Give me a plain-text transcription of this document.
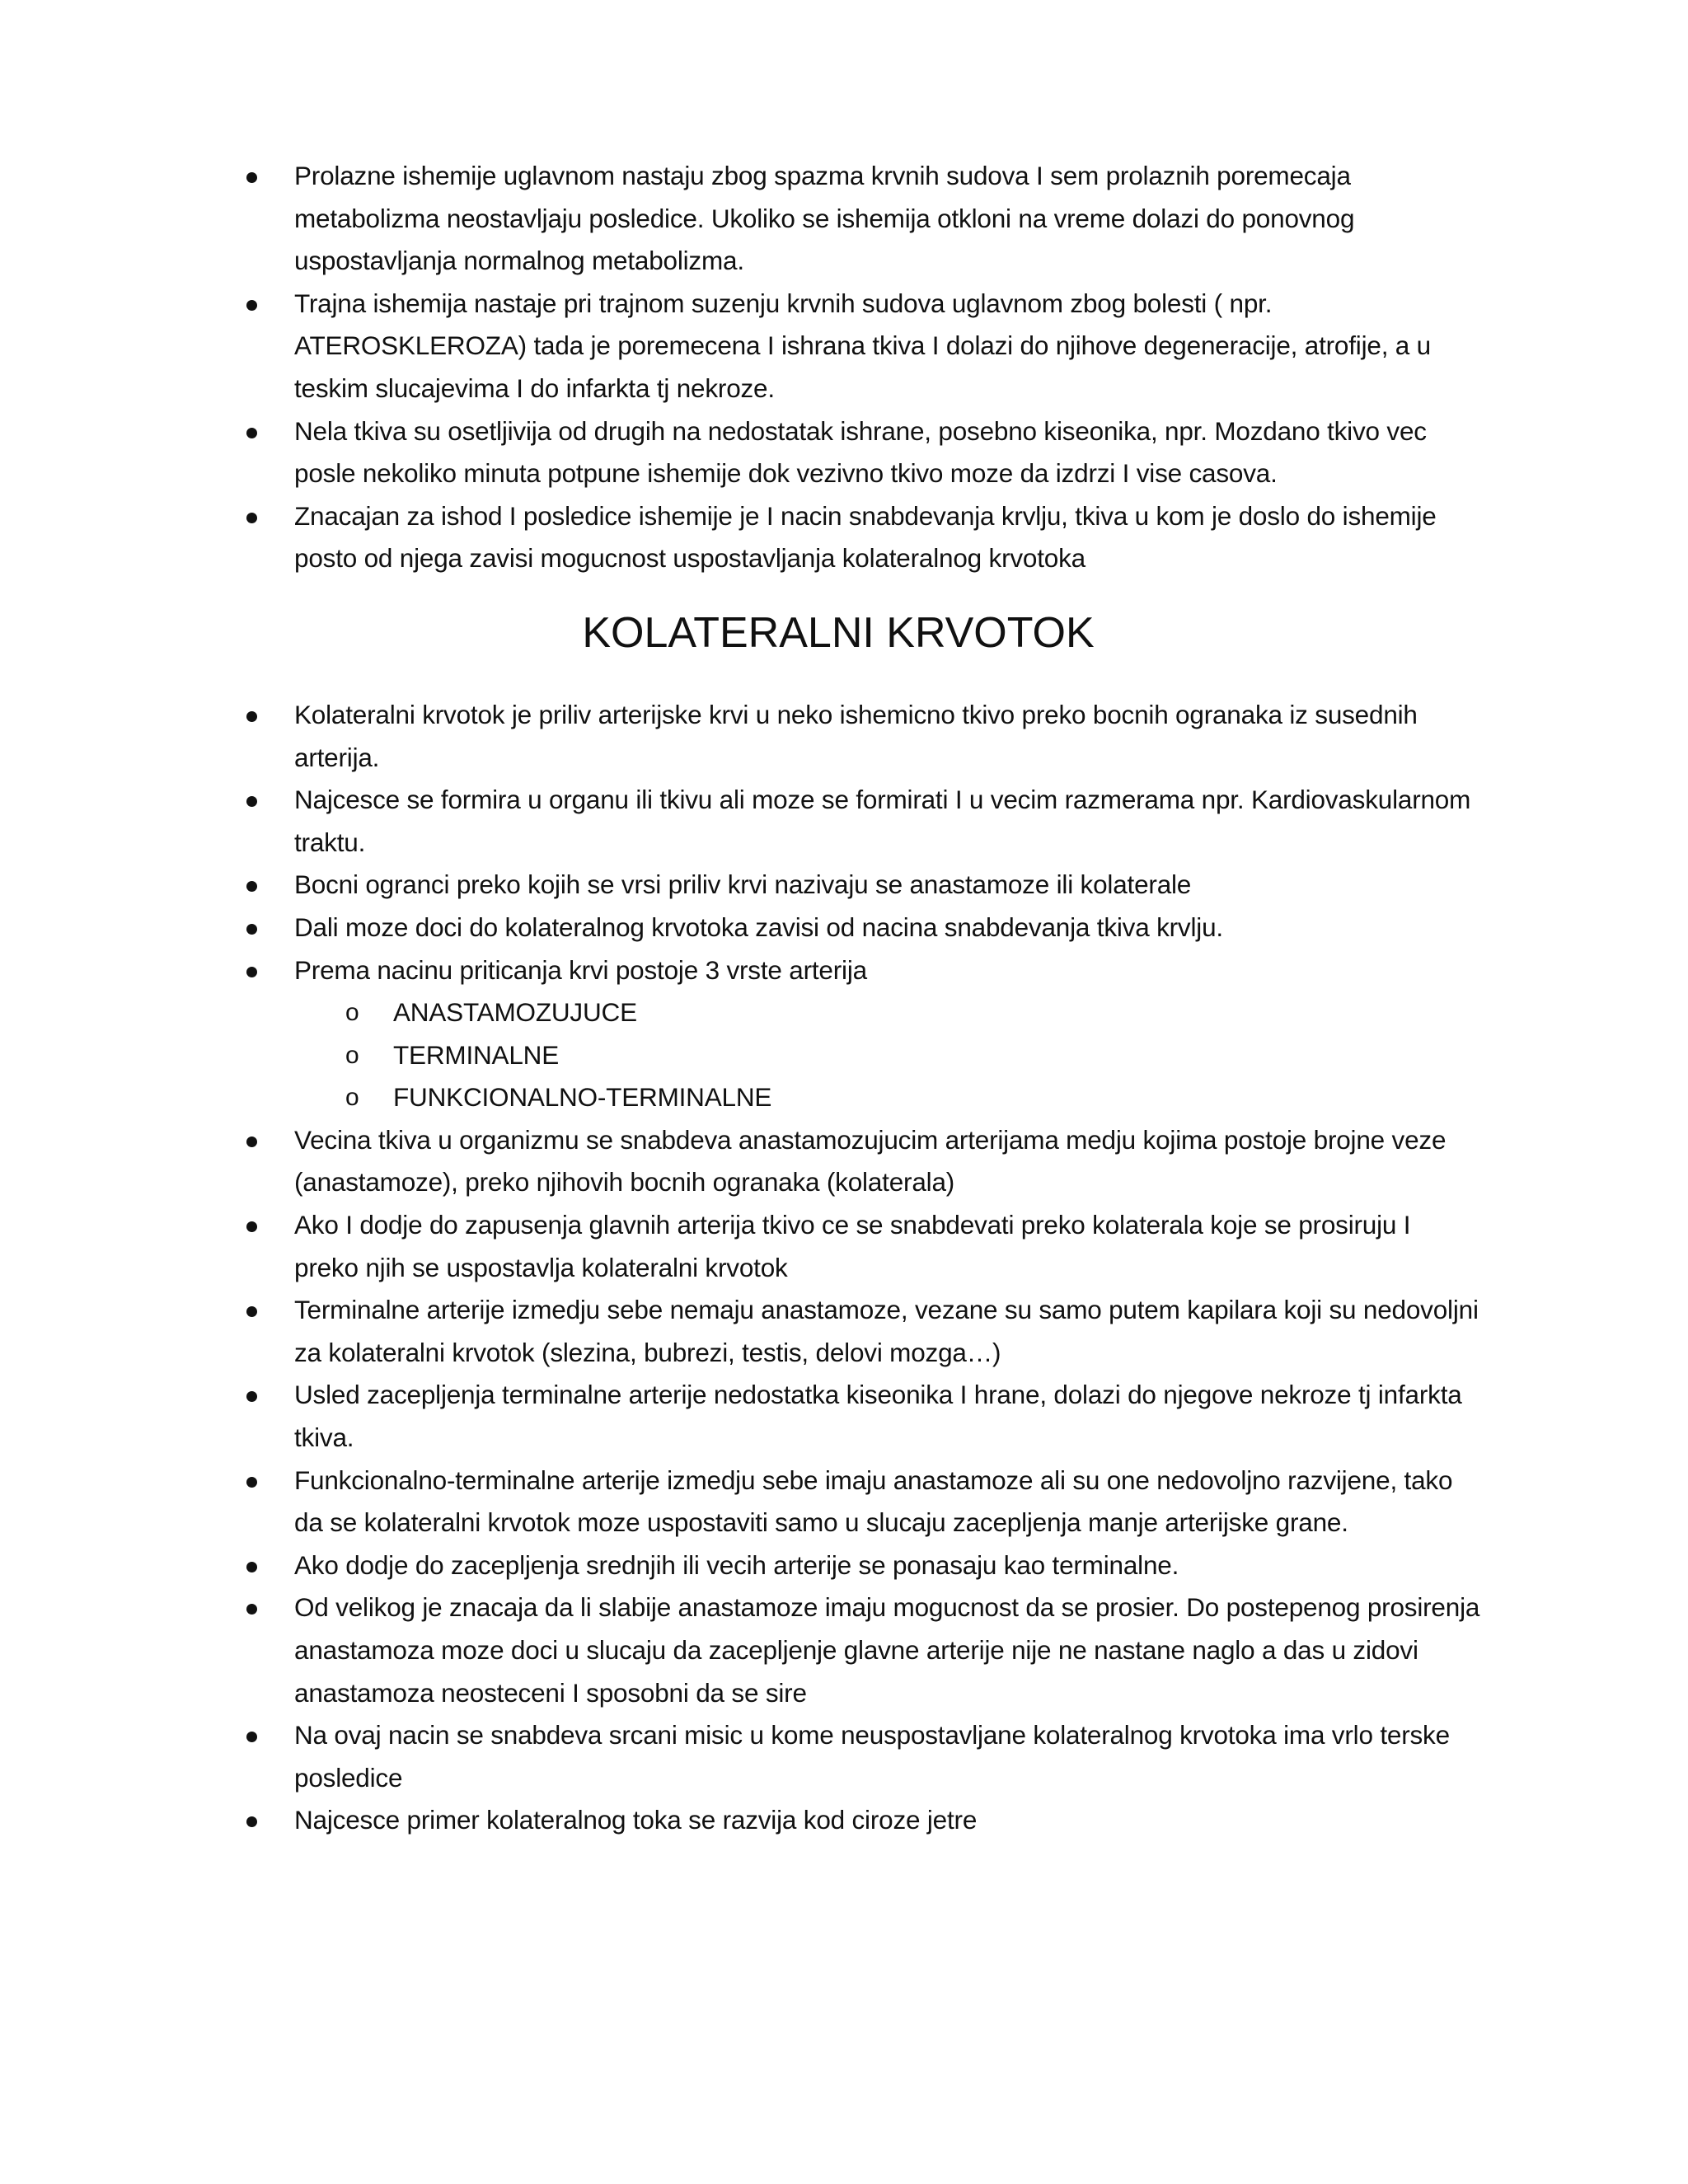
Prolazne ishemije uglavnom nastaju zbog spazma krvnih sudova I sem prolaznih poremecaja metabolizma neostavljaju posledice. Ukoliko se ishemija otkloni na vreme dolazi do ponovnog uspostavljanja normalnog metabolizma.
Trajna ishemija nastaje pri trajnom suzenju krvnih sudova uglavnom zbog bolesti ( npr. ATEROSKLEROZA) tada je poremecena I ishrana tkiva I dolazi do njihove degeneracije, atrofije, a u teskim slucajevima I do infarkta tj nekroze.
Nela tkiva su osetljivija od drugih na nedostatak ishrane, posebno kiseonika, npr. Mozdano tkivo vec posle nekoliko minuta potpune ishemije dok vezivno tkivo moze da izdrzi I vise casova.
Znacajan za ishod I posledice ishemije je I nacin snabdevanja krvlju, tkiva u kom je doslo do ishemije posto od njega zavisi mogucnost uspostavljanja kolateralnog krvotoka
KOLATERALNI KRVOTOK
Kolateralni krvotok je priliv arterijske krvi u neko ishemicno tkivo preko bocnih ogranaka iz susednih arterija.
Najcesce se formira u organu ili tkivu ali moze se formirati I u vecim razmerama npr. Kardiovaskularnom traktu.
Bocni ogranci preko kojih se vrsi priliv krvi nazivaju se anastamoze ili kolaterale
Dali moze doci do kolateralnog krvotoka zavisi od nacina snabdevanja tkiva krvlju.
Prema nacinu priticanja krvi postoje 3 vrste arterija
o ANASTAMOZUJUCE
o TERMINALNE
o FUNKCIONALNO-TERMINALNE
Vecina tkiva u organizmu se snabdeva anastamozujucim arterijama medju kojima postoje brojne veze (anastamoze), preko njihovih bocnih ogranaka (kolaterala)
Ako I dodje do zapusenja glavnih arterija tkivo ce se snabdevati preko kolaterala koje se prosiruju I preko njih se uspostavlja kolateralni krvotok
Terminalne arterije izmedju sebe nemaju anastamoze, vezane su samo putem kapilara koji su nedovoljni za kolateralni krvotok (slezina, bubrezi, testis, delovi mozga…)
Usled zacepljenja terminalne arterije nedostatka kiseonika I hrane, dolazi do njegove nekroze tj infarkta tkiva.
Funkcionalno-terminalne arterije izmedju sebe imaju anastamoze ali su one nedovoljno razvijene, tako da se kolateralni krvotok moze uspostaviti samo u slucaju zacepljenja manje arterijske grane.
Ako dodje do zacepljenja srednjih ili vecih arterije se ponasaju kao terminalne.
Od velikog je znacaja da li slabije anastamoze imaju mogucnost da se prosier. Do postepenog prosirenja anastamoza moze doci u slucaju da zacepljenje glavne arterije nije ne nastane naglo a das u zidovi anastamoza neosteceni I sposobni da se sire
Na ovaj nacin se snabdeva srcani misic u kome neuspostavljane kolateralnog krvotoka ima vrlo terske posledice
Najcesce primer kolateralnog toka se razvija kod ciroze jetre
